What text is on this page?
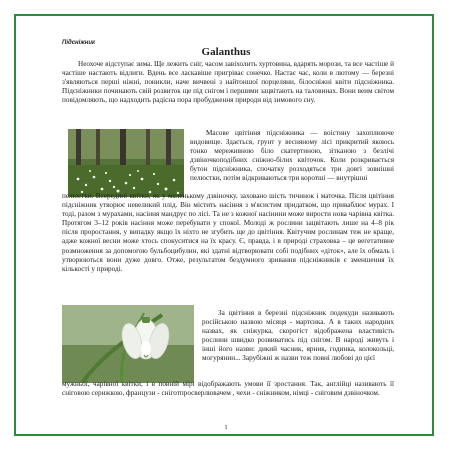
Підсніжник
Galanthus

Неохоче відступає зима. Ще лежить сніг, часом завіхолить хуртовина, вдарять морози, та все частіше й частіше настають відлиги. Вдень все ласкавіше пригріває сонечко. Настає час, коли в лютому — березні з'являються перші ніжні, поникли, наче вичвені з найтоншої порцеляни, білосніжні квіти підсніжника. Підсніжники починають свій розвиток ще під снігом і першими зацвітають на таловинах. Вони веим світом повідомляють, що надходить радісна пора пробудження природи від зимового сну.

Масове цвітіння підсніжника — воістину захоплююче видовище. Здається, грунт у весняному лісі прикритий якоюсь тонко мереживною біло скатертиною, зітканою з безлічі дзвіночкоподібних сніжно-білих квіточок. Коли розкривається бутон підсніжника, спочатку розходяться три довгі зовнішні пелюстки, потім відкриваються три коротші — внутрішні

пелюстки. Всередині квітки, як у маленькому дзвіночку, заховано шість тичинок і маточка. Після цвітіння підсніжник утворює невеликий плід. Він містить насіння з м'ясистим придатком, що приваблює мурах. І тоді, разом з мурахами, насіння мандрує по лісі. Та не з кожної насінини може вирости нова чарівна квітка. Протягом 3–12 років насіння може перебувати у спокої. Молоді ж рослини зацвітають лише на 4–8 рік після проростання, у випадку якщо їх ніхто не згубить ще до цвітіння. Квітучим рослинам теж не краще, адже кожної весни може хтось спокуситися на їх красу. Є, правда, і в природі страховка – це вегетативне розмноження за допомогою бульбоцибулин, які здатні відтворювати собі подібних «діток», але їх обмаль і утворюються вони дуже довго. Отже, результатом бездумного зривання підсніжників є зменшення їх кількості у природі.

За цвітіння в березні підсніжник подекуди називають російською назвою місяця - мартєнка. А в таких народних назвах, як сніжурка, скорогіст відображена властивість рослини швидко розвиватись під снігом. В народі живуть і інші його назви: дикий часник, ярник, годинка, колокольці, могурянин... Зарубіжні ж назви теж повні любові до цієї

мужньої, чарівної квітки, і в повній мірі відображають умови її зростання. Так, англійці називають її сніговою серижкою, французи - сніготпросверлювачем , чехи - сніжником, німці - сніговим дзвіночком.

1
